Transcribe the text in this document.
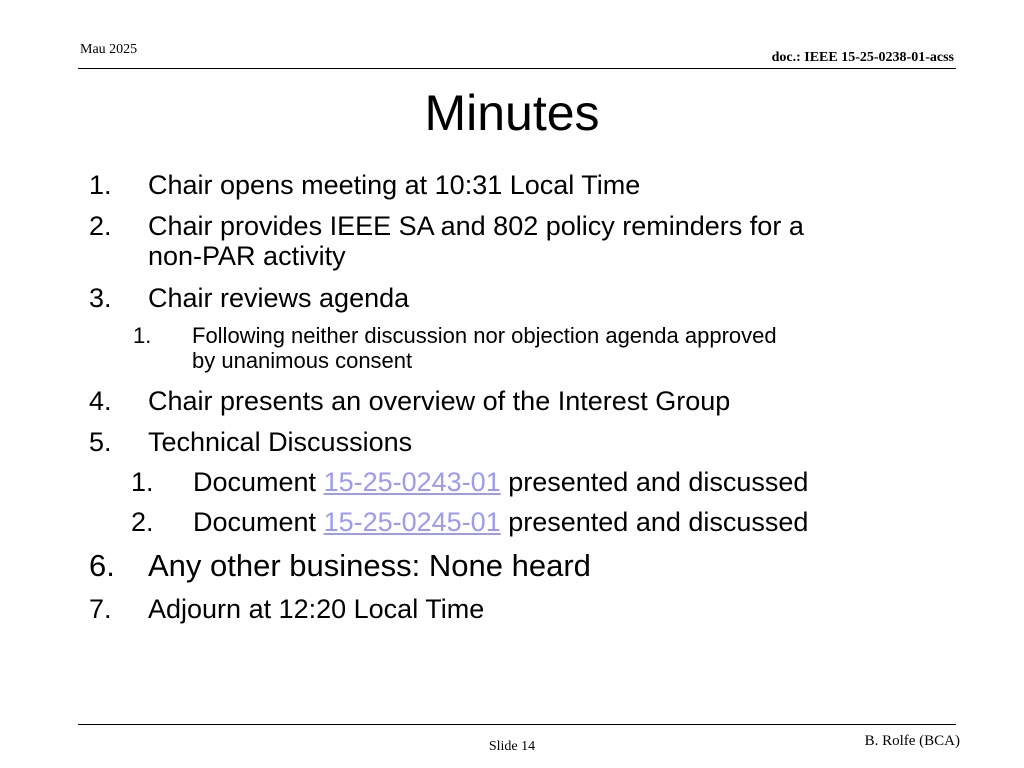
Mau 2025
doc.: IEEE 15-25-0238-01-acss
Minutes
1. Chair opens meeting at 10:31 Local Time
2. Chair provides IEEE SA and 802 policy reminders for a
non-PAR activity
3. Chair reviews agenda
1. Following neither discussion nor objection agenda approved
by unanimous consent
4. Chair presents an overview of the Interest Group
5. Technical Discussions
1. Document 15-25-0243-01 presented and discussed
2. Document 15-25-0245-01 presented and discussed
6. Any other business: None heard
7. Adjourn at 12:20 Local Time
Slide 14	B. Rolfe (BCA)
